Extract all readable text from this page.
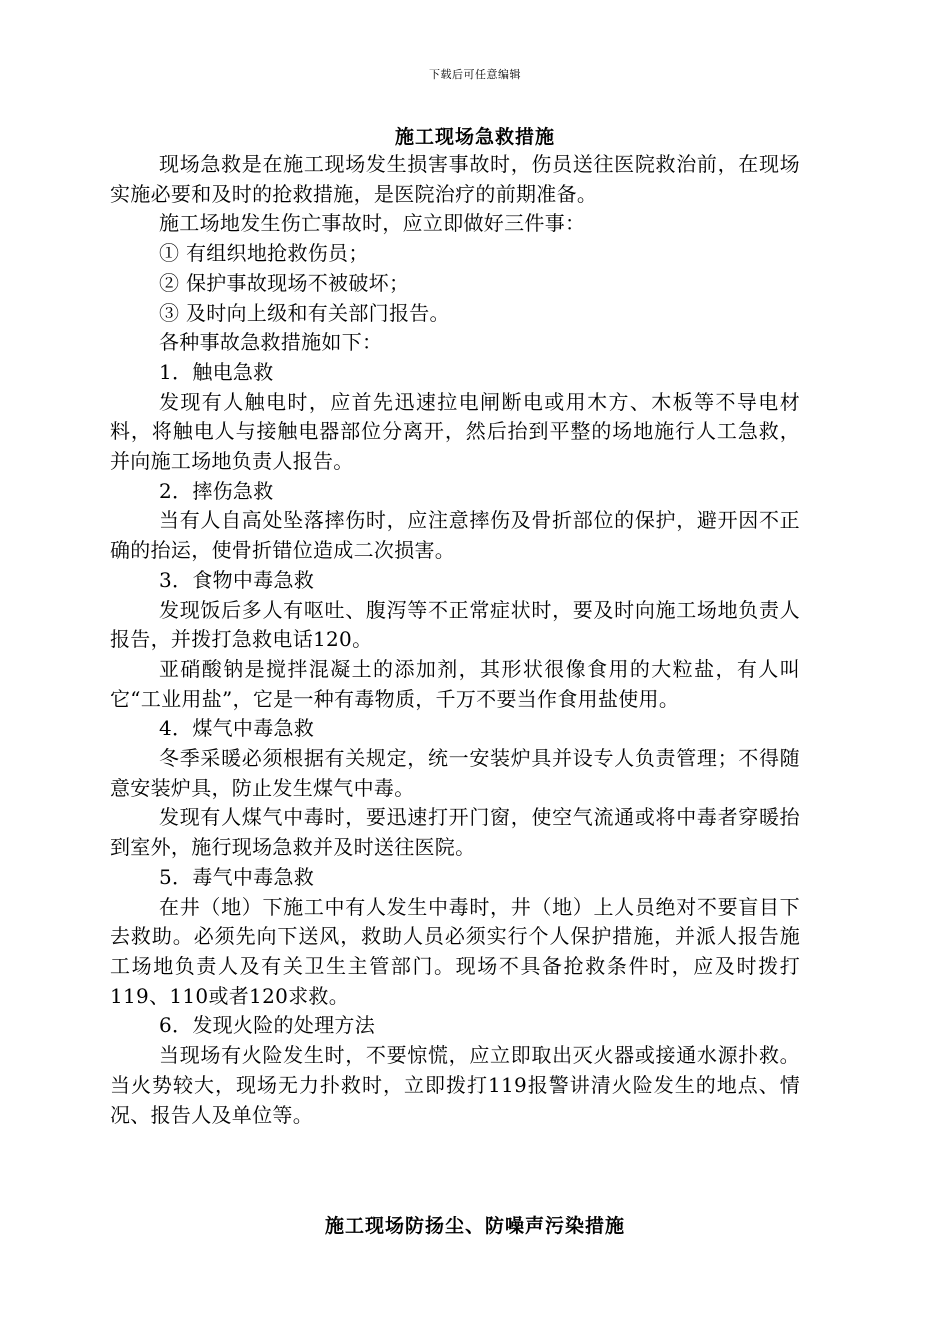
下载后可任意编辑
施工现场急救措施

现场急救是在施工现场发生损害事故时，伤员送往医院救治前，在现场实施必要和及时的抢救措施，是医院治疗的前期准备。

施工场地发生伤亡事故时，应立即做好三件事：

① 有组织地抢救伤员；

② 保护事故现场不被破坏；

③ 及时向上级和有关部门报告。

各种事故急救措施如下：

1．触电急救

发现有人触电时，应首先迅速拉电闸断电或用木方、木板等不导电材料，将触电人与接触电器部位分离开，然后抬到平整的场地施行人工急救，并向施工场地负责人报告。

2．摔伤急救

当有人自高处坠落摔伤时，应注意摔伤及骨折部位的保护，避开因不正确的抬运，使骨折错位造成二次损害。

3．食物中毒急救

发现饭后多人有呕吐、腹泻等不正常症状时，要及时向施工场地负责人报告，并拨打急救电话120。

亚硝酸钠是搅拌混凝土的添加剂，其形状很像食用的大粒盐，有人叫它“工业用盐”，它是一种有毒物质，千万不要当作食用盐使用。

4．煤气中毒急救

冬季采暖必须根据有关规定，统一安装炉具并设专人负责管理；不得随意安装炉具，防止发生煤气中毒。

发现有人煤气中毒时，要迅速打开门窗，使空气流通或将中毒者穿暖抬到室外，施行现场急救并及时送往医院。

5．毒气中毒急救

在井（地）下施工中有人发生中毒时，井（地）上人员绝对不要盲目下去救助。必须先向下送风，救助人员必须实行个人保护措施，并派人报告施工场地负责人及有关卫生主管部门。现场不具备抢救条件时，应及时拨打119、110或者120求救。

6．发现火险的处理方法

当现场有火险发生时，不要惊慌，应立即取出灭火器或接通水源扑救。当火势较大，现场无力扑救时，立即拨打119报警讲清火险发生的地点、情况、报告人及单位等。

施工现场防扬尘、防噪声污染措施
